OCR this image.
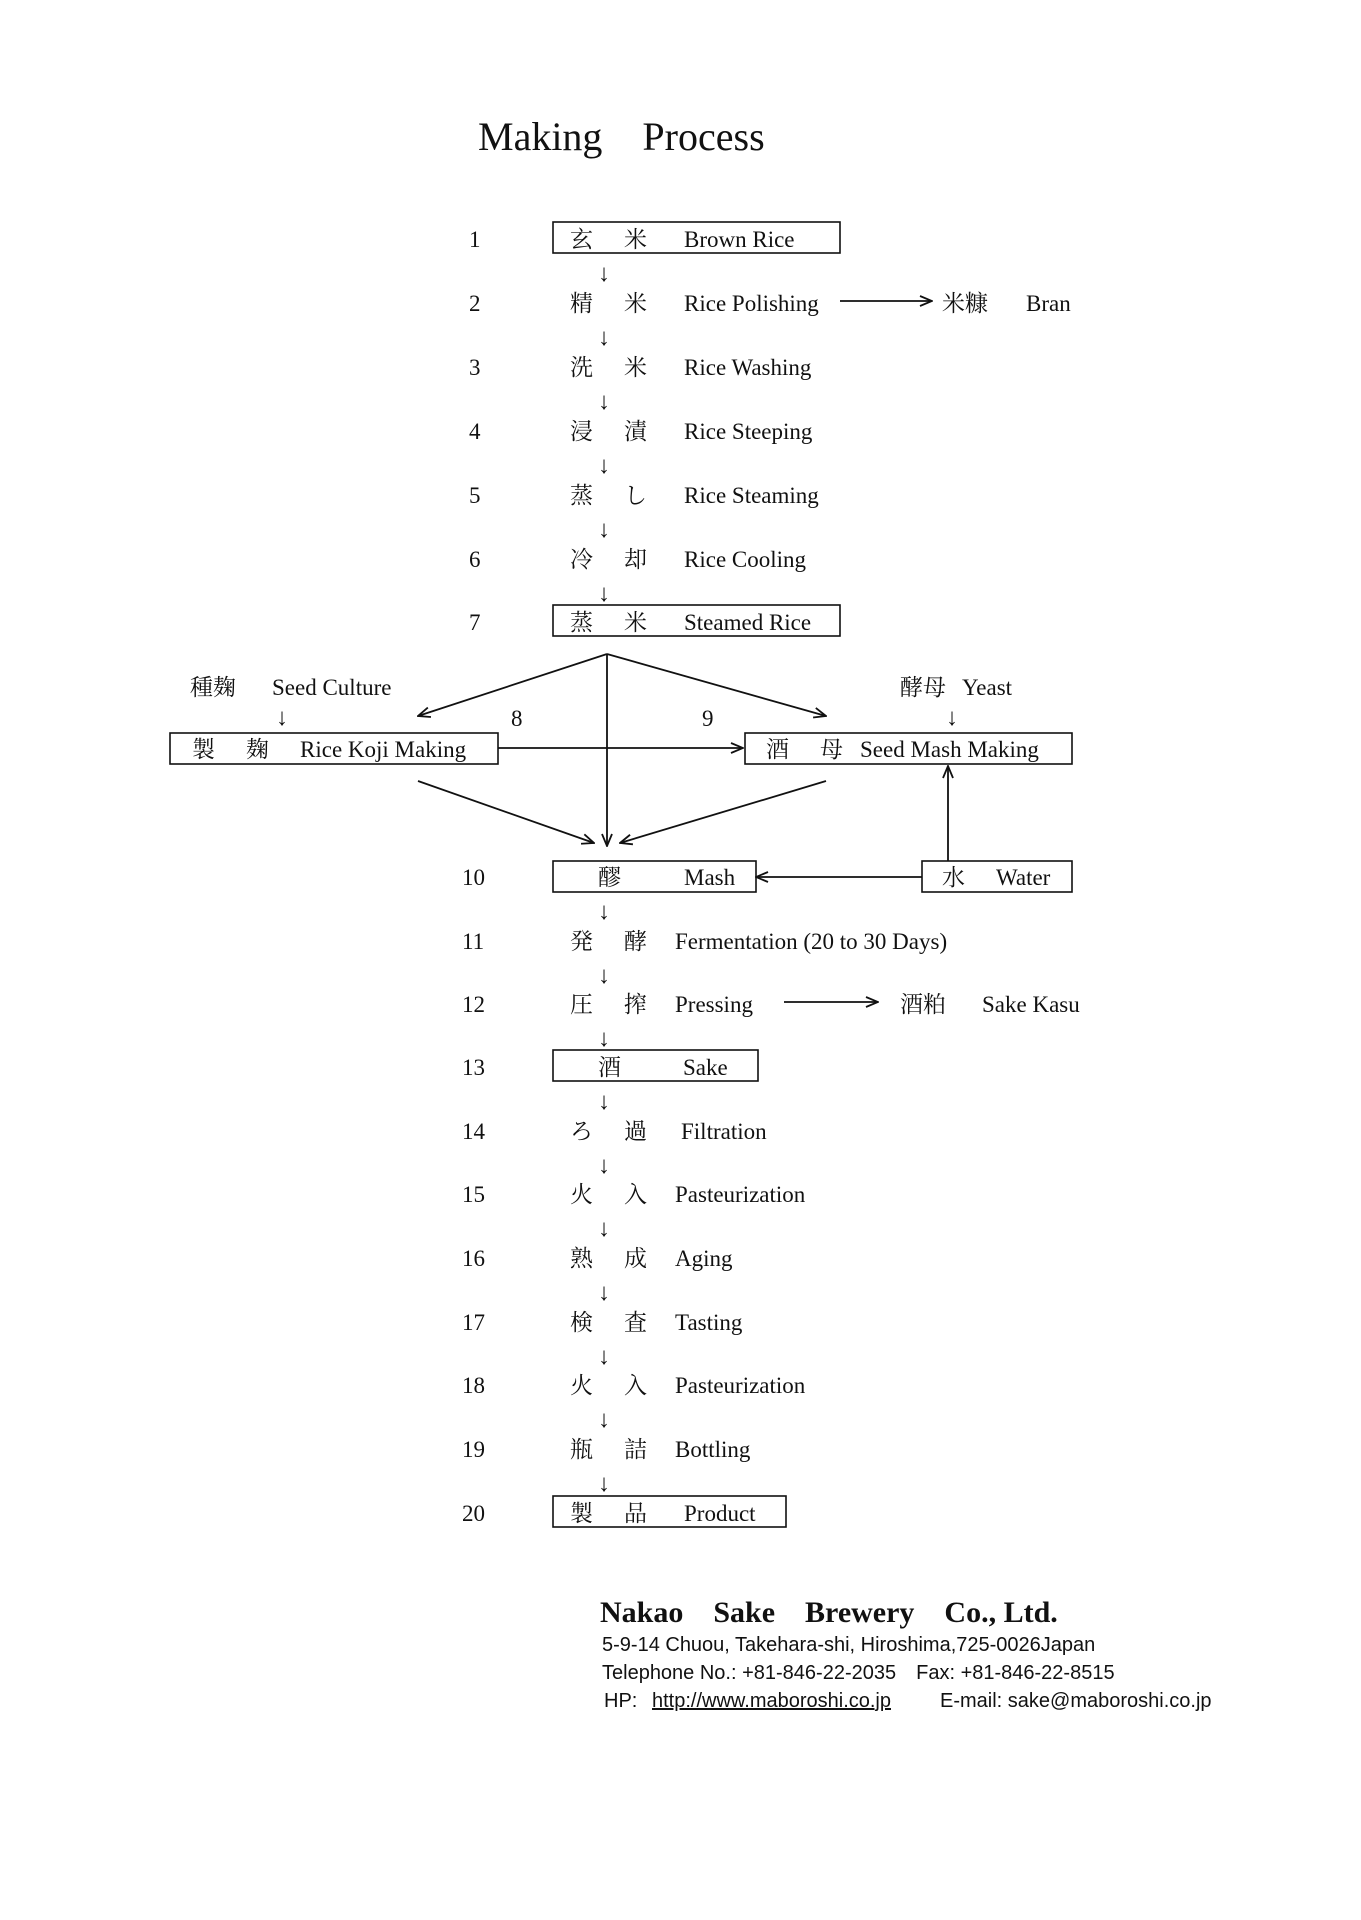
Making　Process
1	玄 米 Brown Rice
2	精 米 Rice Polishing
3	洗 米 Rice Washing
4	浸 漬 Rice Steeping
5	蒸 し Rice Steaming
6	冷 却 Rice Cooling
7	蒸 米 Steamed Rice
10	醪	Mash
11	発 酵 Fermentation (20 to 30 Days)
12	圧 搾 Pressing
13	酒	Sake
14	ろ 過 Filtration
15	火 入 Pasteurization
16	熟 成 Aging
17	検 査 Tasting
18	火 入 Pasteurization
19	瓶 詰 Bottling
20	製 品 Product
↓
↓
↓
↓
↓
↓
↓
↓
↓
↓
↓
↓
↓
↓
↓
↓
米糠 Bran
酒粕 Sake Kasu
種麹 Seed Culture
↓
酵母 Yeast
↓
製 麹 Rice Koji Making
8
酒 母 Seed Mash Making
9
水 Water
Nakao　Sake　Brewery　Co., Ltd.
5-9-14 Chuou, Takehara-shi, Hiroshima,725-0026Japan
Telephone No.: +81-846-22-2035　Fax: +81-846-22-8515
HP: http://www.maboroshi.co.jp E-mail: sake@maboroshi.co.jp
